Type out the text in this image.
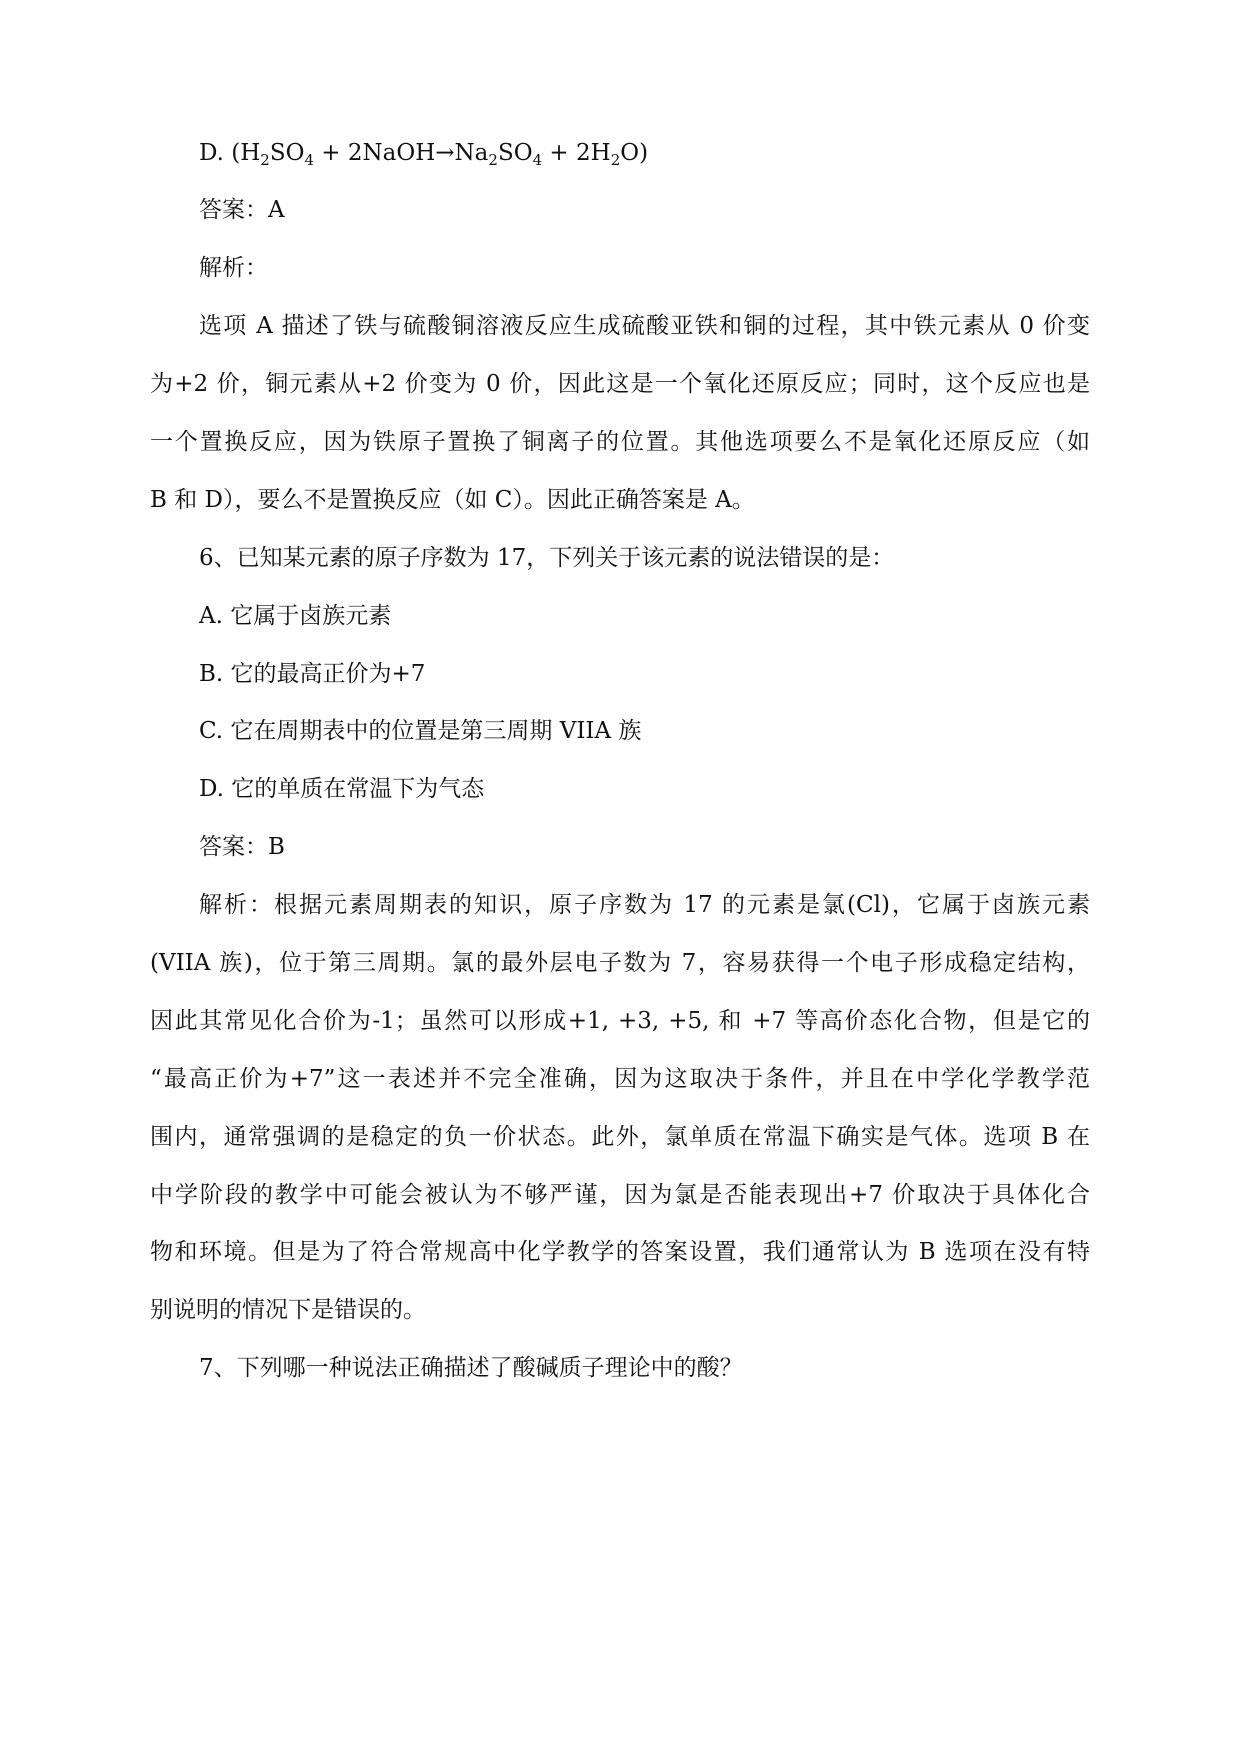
D. ($H_2SO_4$ + $2NaOH\to Na_2SO_4 + 2H_2O$)
答案：A
解析：
选项 A 描述了铁与硫酸铜溶液反应生成硫酸亚铁和铜的过程，其中铁元素从 0 价变
为+2 价，铜元素从+2 价变为 0 价，因此这是一个氧化还原反应；同时，这个反应也是
一个置换反应，因为铁原子置换了铜离子的位置。其他选项要么不是氧化还原反应（如
B 和 D），要么不是置换反应（如 C）。因此正确答案是 A。
6、已知某元素的原子序数为 17，下列关于该元素的说法错误的是：
A. 它属于卤族元素
B. 它的最高正价为+7
C. 它在周期表中的位置是第三周期 VIIA 族
D. 它的单质在常温下为气态
答案：B
解析：根据元素周期表的知识，原子序数为 17 的元素是氯(Cl)，它属于卤族元素
(VIIA 族)，位于第三周期。氯的最外层电子数为 7，容易获得一个电子形成稳定结构，
因此其常见化合价为-1；虽然可以形成+1, +3, +5, 和 +7 等高价态化合物，但是它的
“最高正价为+7”这一表述并不完全准确，因为这取决于条件，并且在中学化学教学范
围内，通常强调的是稳定的负一价状态。此外，氯单质在常温下确实是气体。选项 B 在
中学阶段的教学中可能会被认为不够严谨，因为氯是否能表现出+7 价取决于具体化合
物和环境。但是为了符合常规高中化学教学的答案设置，我们通常认为 B 选项在没有特
别说明的情况下是错误的。
7、下列哪一种说法正确描述了酸碱质子理论中的酸？
